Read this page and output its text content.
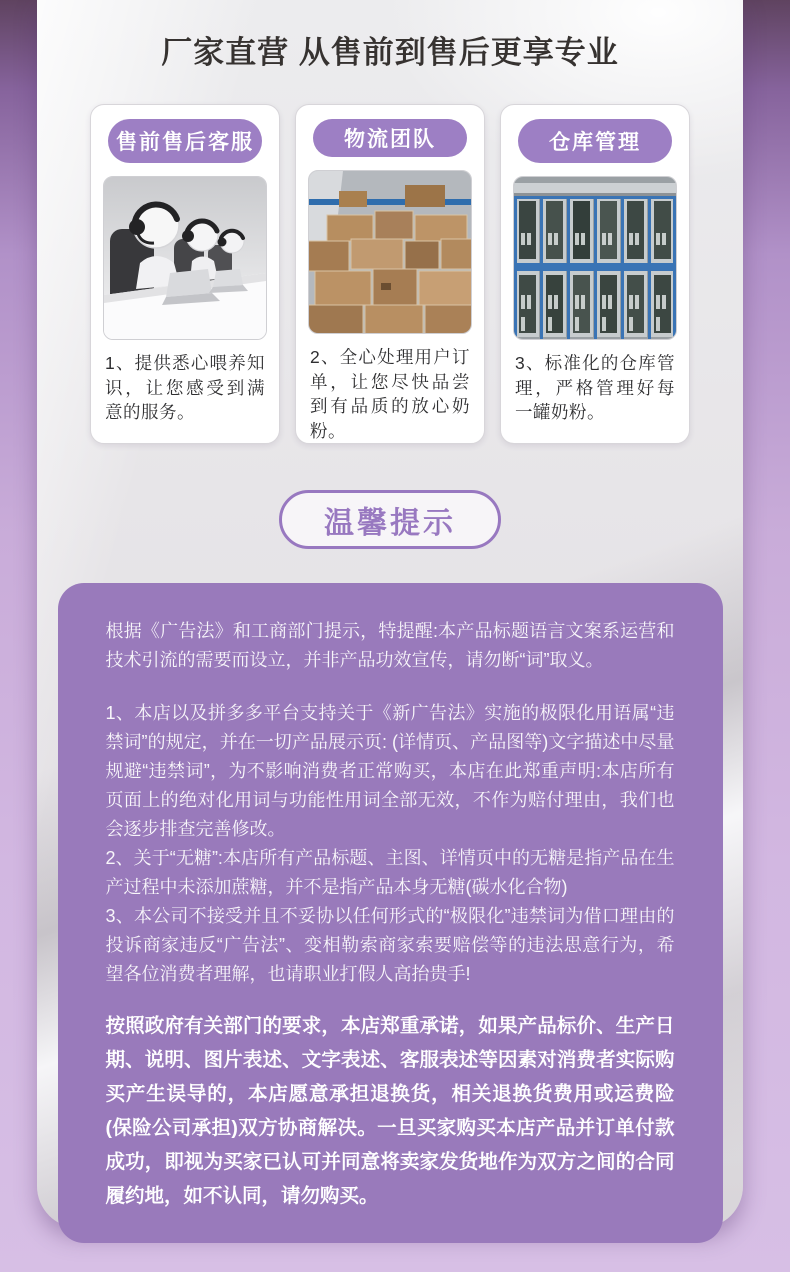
厂家直营 从售前到售后更享专业
售前售后客服

1、提供悉心喂养知识，让您感受到满意的服务。

物流团队

2、全心处理用户订单，让您尽快品尝到有品质的放心奶粉。

仓库管理

3、标准化的仓库管理，严格管理好每一罐奶粉。

温馨提示

根据《广告法》和工商部门提示，特提醒:本产品标题语言文案系运营和技术引流的需要而设立，并非产品功效宣传，请勿断“词”取义。

1、本店以及拼多多平台支持关于《新广告法》实施的极限化用语属“违禁词”的规定，并在一切产品展示页: (详情页、产品图等)文字描述中尽量规避“违禁词”，为不影响消费者正常购买，本店在此郑重声明:本店所有页面上的绝对化用词与功能性用词全部无效，不作为赔付理由，我们也会逐步排查完善修改。

2、关于“无糖”:本店所有产品标题、主图、详情页中的无糖是指产品在生产过程中未添加蔗糖，并不是指产品本身无糖(碳水化合物)

3、本公司不接受并且不妥协以任何形式的“极限化”违禁词为借口理由的投诉商家违反“广告法”、变相勒索商家索要赔偿等的违法思意行为，希望各位消费者理解，也请职业打假人高抬贵手!

按照政府有关部门的要求，本店郑重承诺，如果产品标价、生产日期、说明、图片表述、文字表述、客服表述等因素对消费者实际购买产生误导的，本店愿意承担退换货，相关退换货费用或运费险(保险公司承担)双方协商解决。一旦买家购买本店产品并订单付款成功，即视为买家已认可并同意将卖家发货地作为双方之间的合同履约地，如不认同，请勿购买。
